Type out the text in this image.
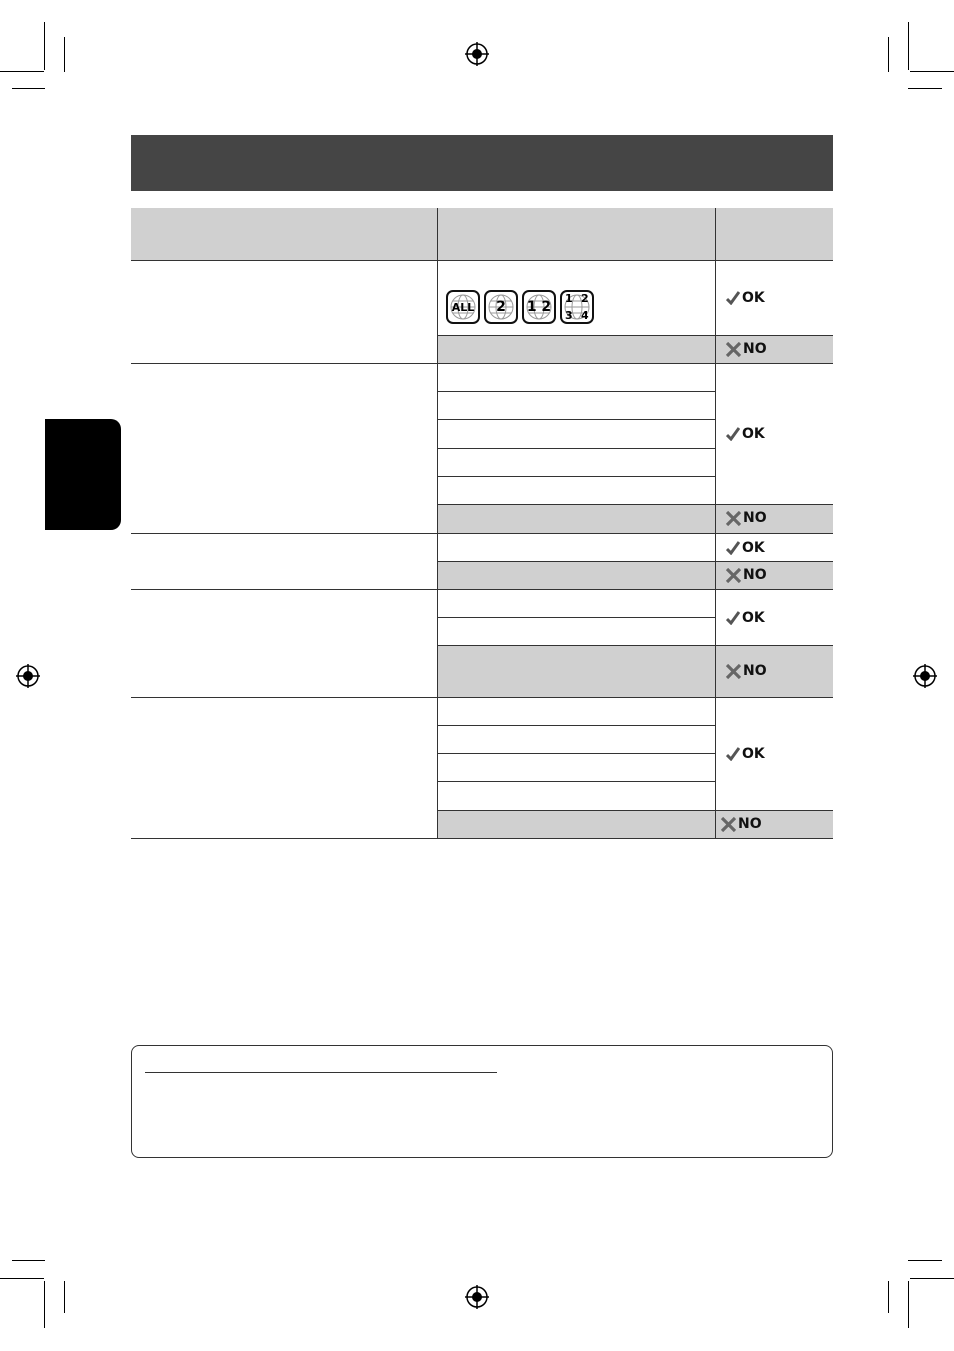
ALL	2	1 2
1 2
3 4
OK
NO
OK
NO
OK
NO
OK
NO
OK
NO
